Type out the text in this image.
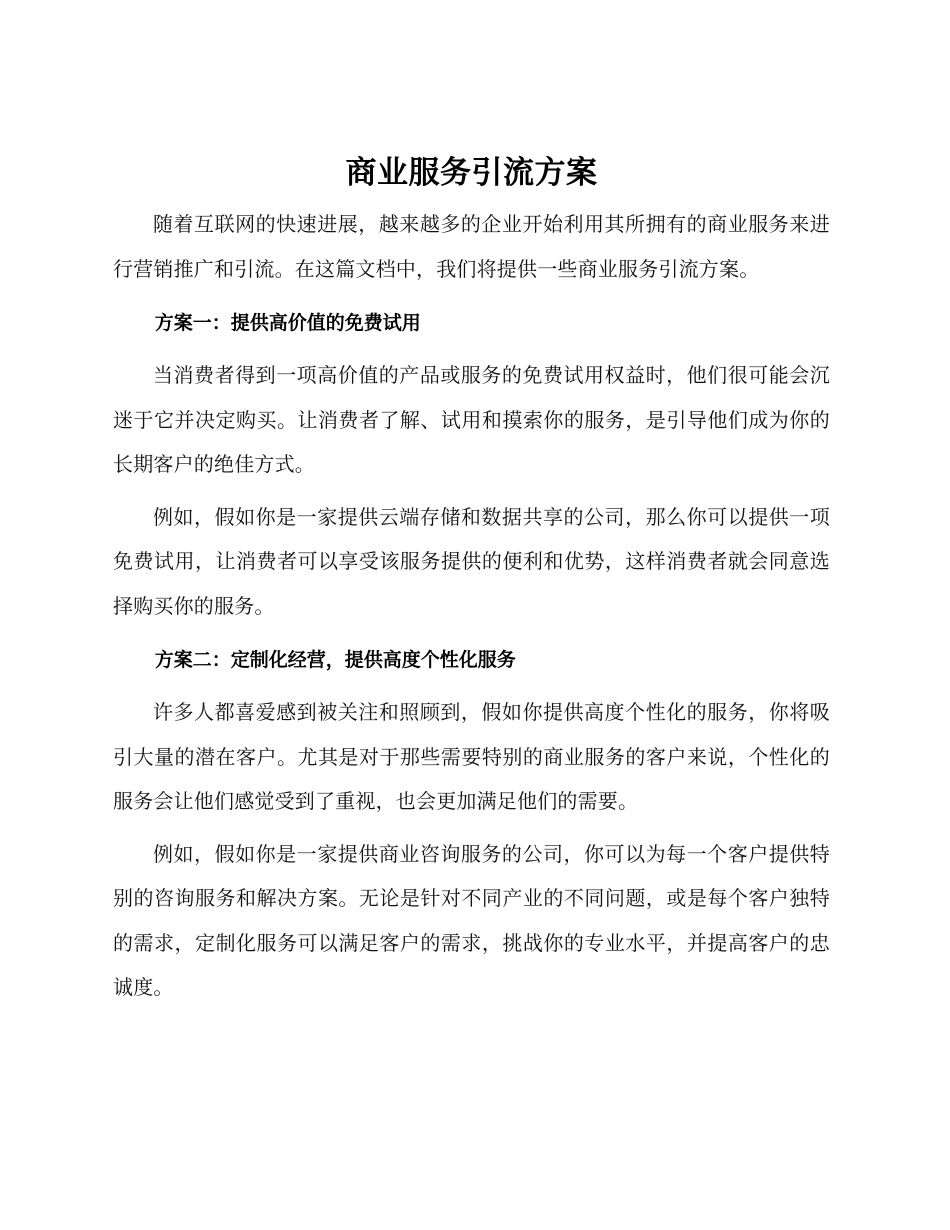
商业服务引流方案

随着互联网的快速进展，越来越多的企业开始利用其所拥有的商业服务来进行营销推广和引流。在这篇文档中，我们将提供一些商业服务引流方案。

方案一：提供高价值的免费试用

当消费者得到一项高价值的产品或服务的免费试用权益时，他们很可能会沉迷于它并决定购买。让消费者了解、试用和摸索你的服务，是引导他们成为你的长期客户的绝佳方式。

例如，假如你是一家提供云端存储和数据共享的公司，那么你可以提供一项免费试用，让消费者可以享受该服务提供的便利和优势，这样消费者就会同意选择购买你的服务。

方案二：定制化经营，提供高度个性化服务

许多人都喜爱感到被关注和照顾到，假如你提供高度个性化的服务，你将吸引大量的潜在客户。尤其是对于那些需要特别的商业服务的客户来说，个性化的服务会让他们感觉受到了重视，也会更加满足他们的需要。

例如，假如你是一家提供商业咨询服务的公司，你可以为每一个客户提供特别的咨询服务和解决方案。无论是针对不同产业的不同问题，或是每个客户独特的需求，定制化服务可以满足客户的需求，挑战你的专业水平，并提高客户的忠诚度。
